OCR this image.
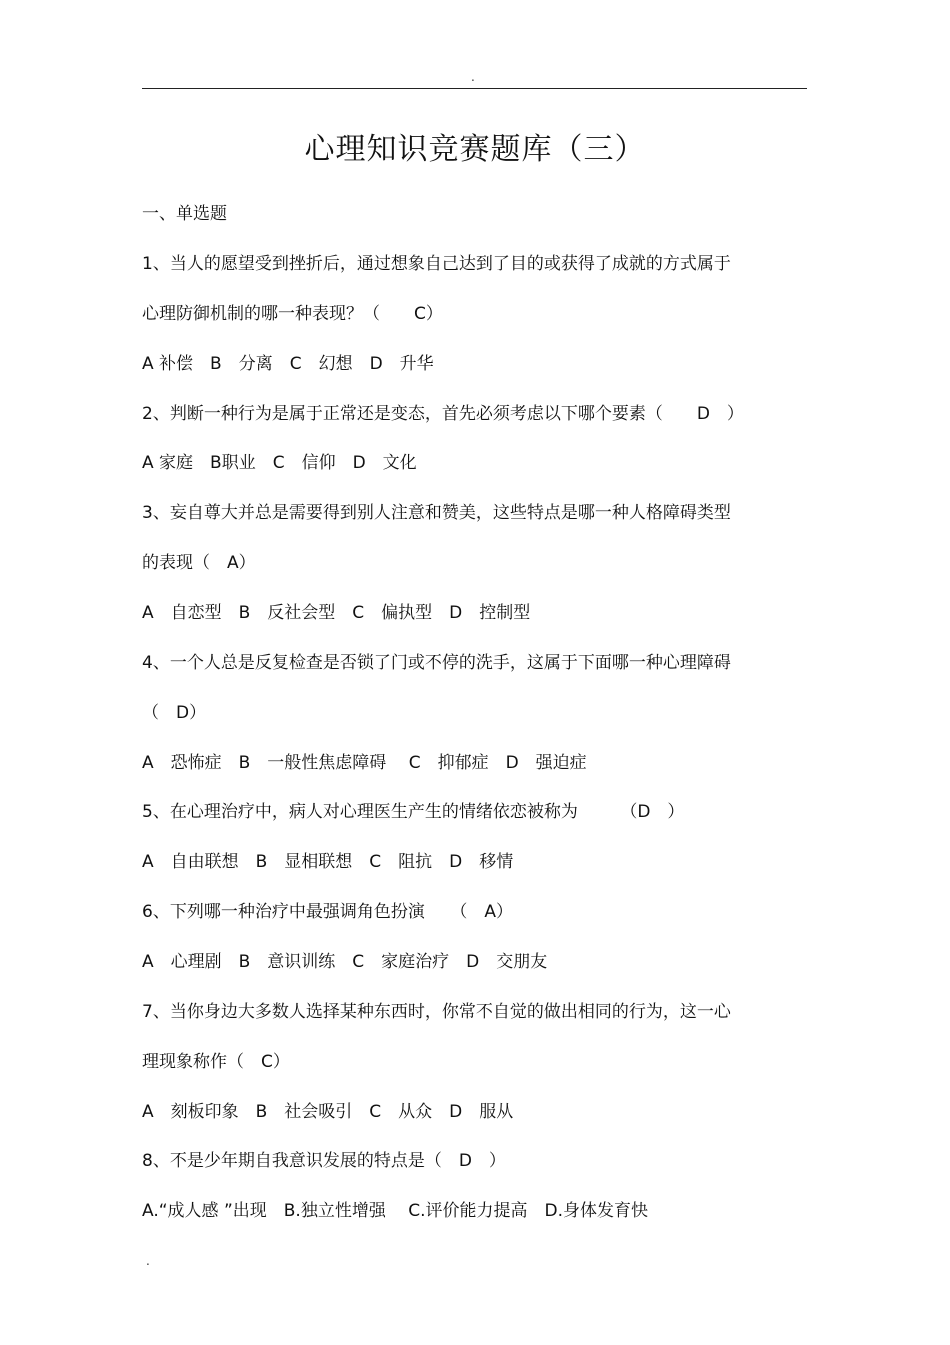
.
心理知识竞赛题库（三）
一、单选题
1、当人的愿望受到挫折后，通过想象自己达到了目的或获得了成就的方式属于
心理防御机制的哪一种表现？（　　C）
A 补偿　B　分离　C　幻想　D　升华
2、判断一种行为是属于正常还是变态，首先必须考虑以下哪个要素（　　D　）
A 家庭　B职业　C　信仰　D　文化
3、妄自尊大并总是需要得到别人注意和赞美，这些特点是哪一种人格障碍类型
的表现（　A）
A　自恋型　B　反社会型　C　偏执型　D　控制型
4、一个人总是反复检查是否锁了门或不停的洗手，这属于下面哪一种心理障碍
（　D）
A　恐怖症　B　一般性焦虑障碍　 C　抑郁症　D　强迫症
5、在心理治疗中，病人对心理医生产生的情绪依恋被称为　　　（D　）
A　自由联想　B　显相联想　C　阻抗　D　移情
6、下列哪一种治疗中最强调角色扮演　　（　A）
A　心理剧　B　意识训练　C　家庭治疗　D　交朋友
7、当你身边大多数人选择某种东西时，你常不自觉的做出相同的行为，这一心
理现象称作（　C）
A　刻板印象　B　社会吸引　C　从众　D　服从
8、不是少年期自我意识发展的特点是（　D　）
A.“成人感 ”出现　B.独立性增强　 C.评价能力提高　D.身体发育快
.
